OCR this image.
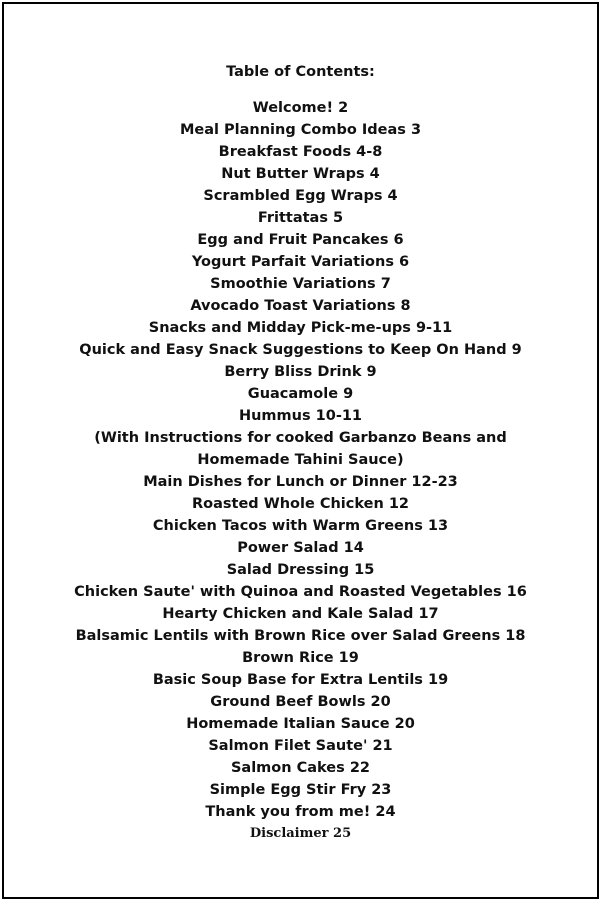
Table of Contents:
Welcome! 2
Meal Planning Combo Ideas 3
Breakfast Foods 4-8
Nut Butter Wraps 4
Scrambled Egg Wraps 4
Frittatas 5
Egg and Fruit Pancakes 6
Yogurt Parfait Variations 6
Smoothie Variations 7
Avocado Toast Variations 8
Snacks and Midday Pick-me-ups 9-11
Quick and Easy Snack Suggestions to Keep On Hand 9
Berry Bliss Drink 9
Guacamole 9
Hummus 10-11
(With Instructions for cooked Garbanzo Beans and
Homemade Tahini Sauce)
Main Dishes for Lunch or Dinner 12-23
Roasted Whole Chicken 12
Chicken Tacos with Warm Greens 13
Power Salad 14
Salad Dressing 15
Chicken Saute' with Quinoa and Roasted Vegetables 16
Hearty Chicken and Kale Salad 17
Balsamic Lentils with Brown Rice over Salad Greens 18
Brown Rice 19
Basic Soup Base for Extra Lentils 19
Ground Beef Bowls 20
Homemade Italian Sauce 20
Salmon Filet Saute' 21
Salmon Cakes 22
Simple Egg Stir Fry 23
Thank you from me! 24
Disclaimer 25
